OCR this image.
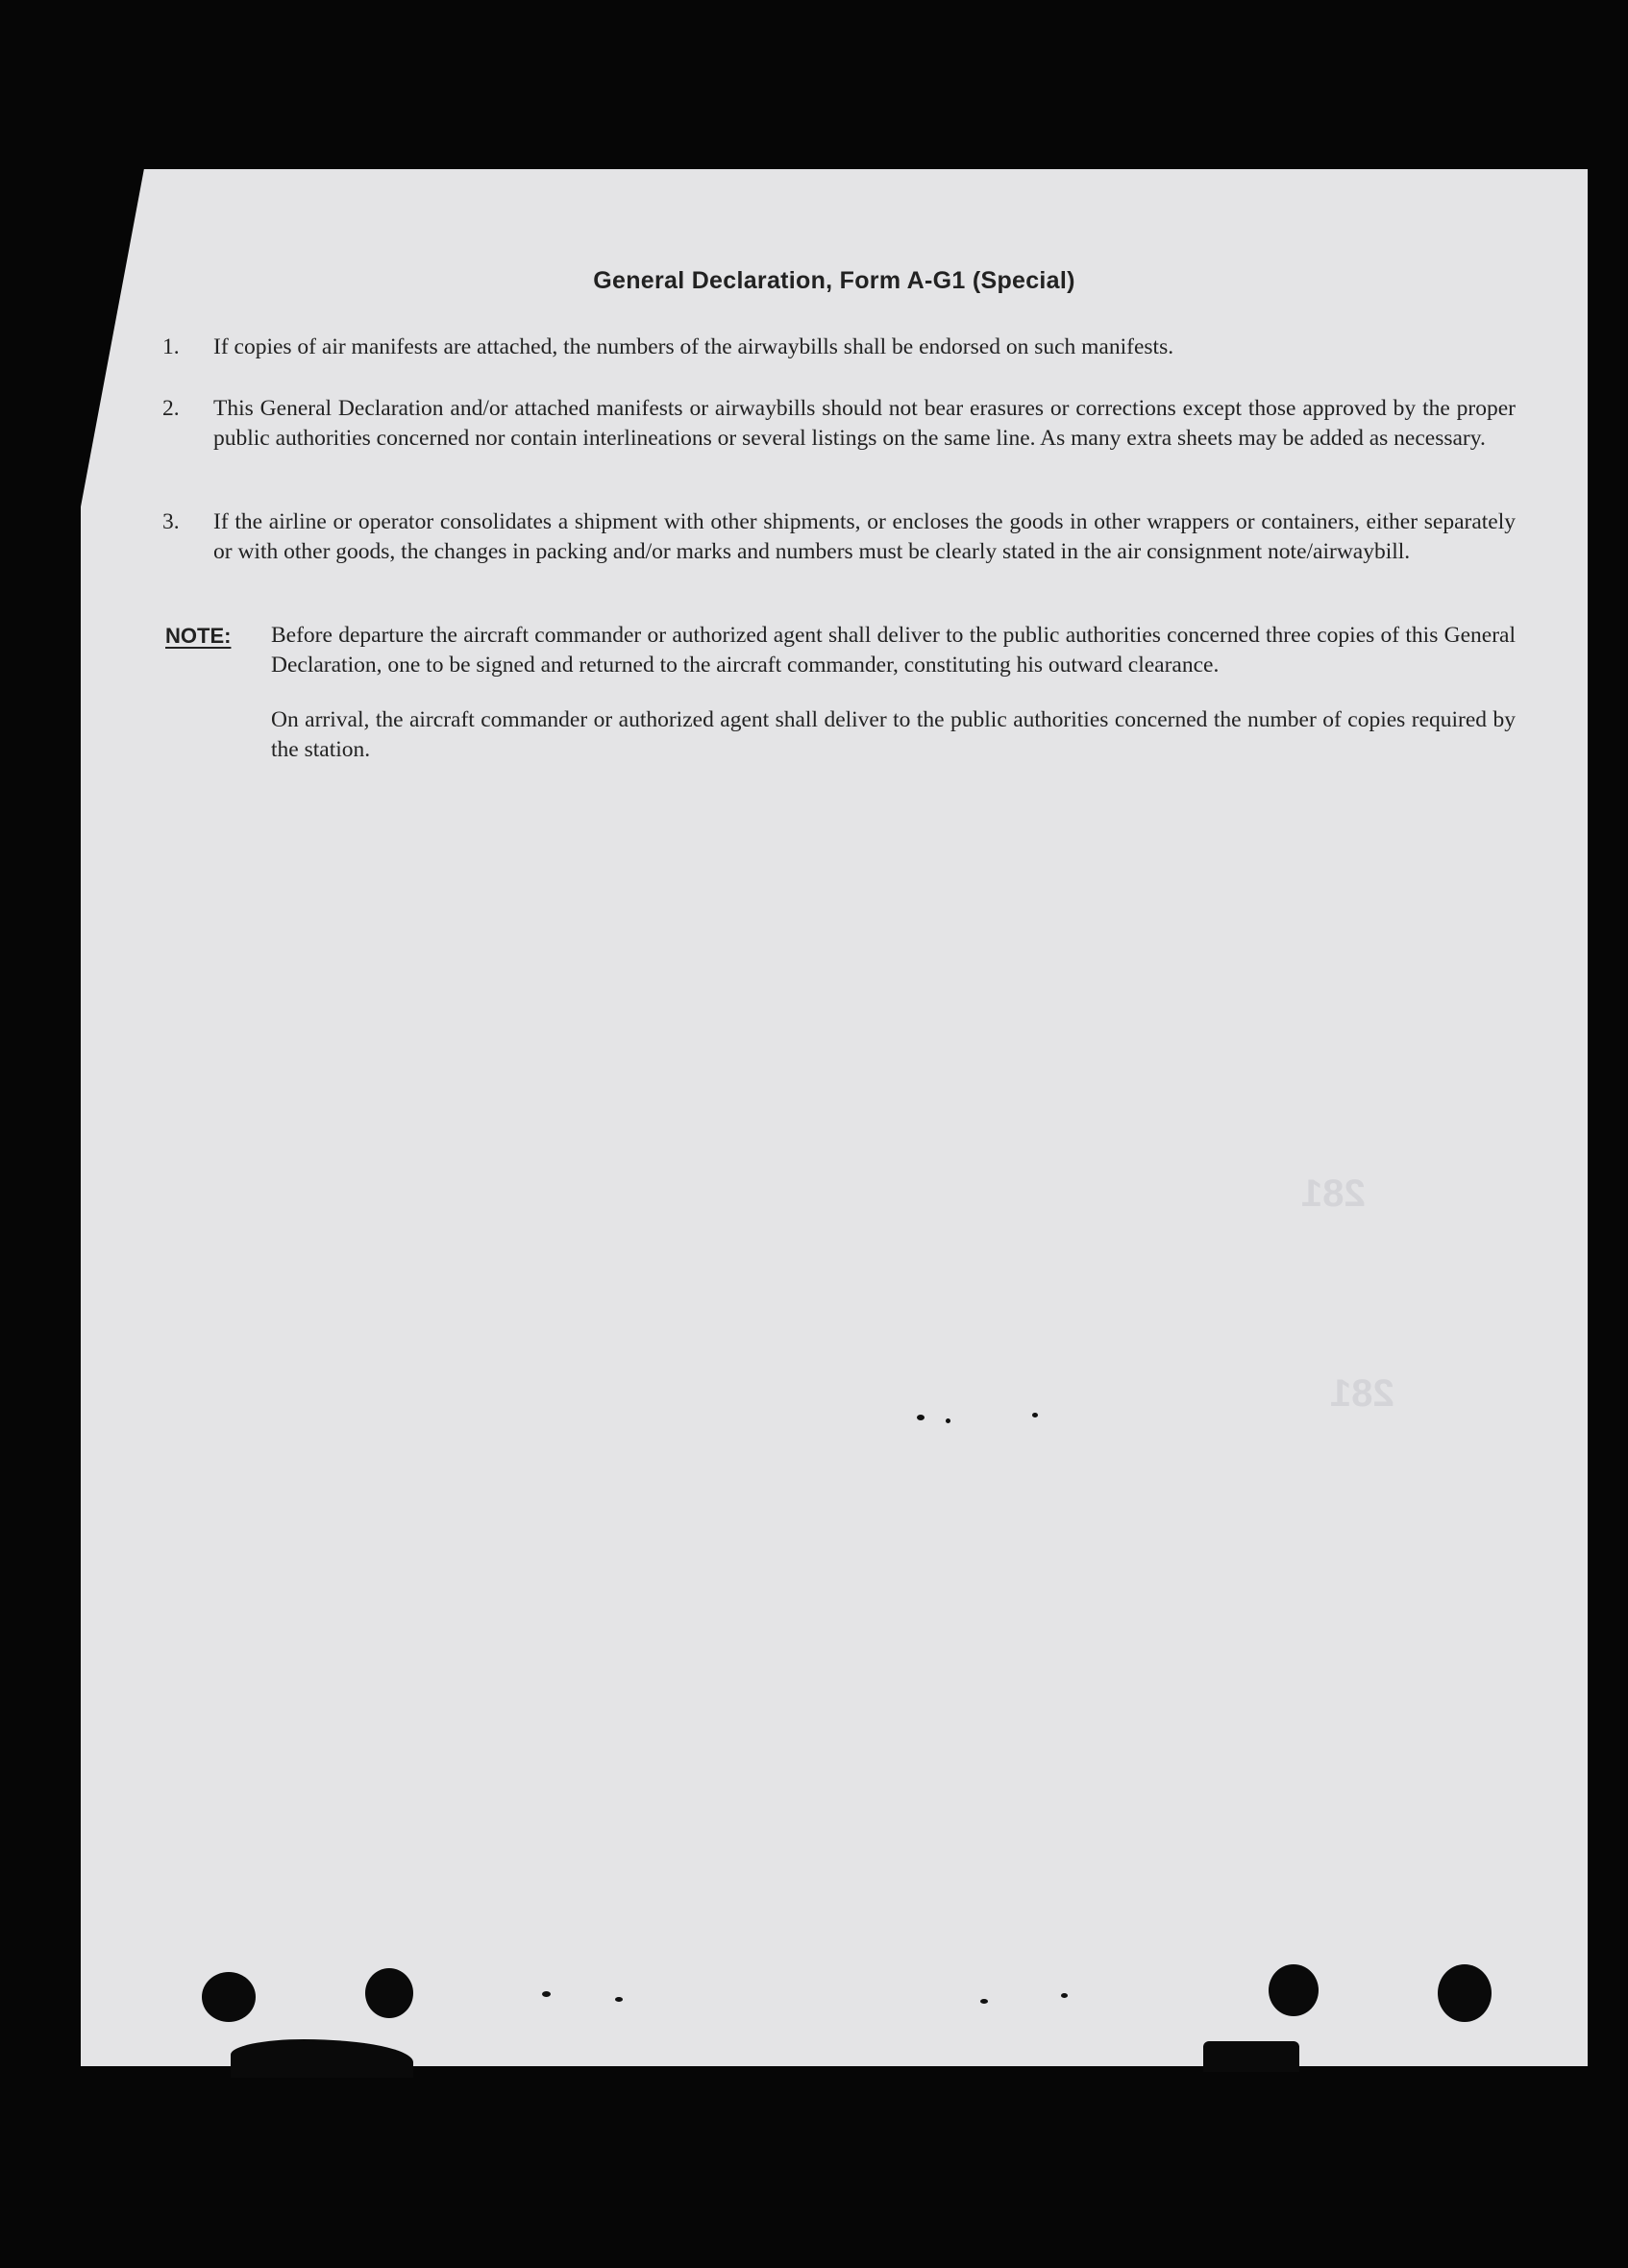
General Declaration, Form A-G1 (Special)
1. If copies of air manifests are attached, the numbers of the airwaybills shall be endorsed on such manifests.
2. This General Declaration and/or attached manifests or airwaybills should not bear erasures or corrections except those approved by the proper public authorities concerned nor contain interlineations or several listings on the same line. As many extra sheets may be added as necessary.
3. If the airline or operator consolidates a shipment with other shipments, or encloses the goods in other wrappers or containers, either separately or with other goods, the changes in packing and/or marks and numbers must be clearly stated in the air consignment note/airwaybill.
NOTE: Before departure the aircraft commander or authorized agent shall deliver to the public authorities concerned three copies of this General Declaration, one to be signed and returned to the aircraft commander, constituting his outward clearance.
On arrival, the aircraft commander or authorized agent shall deliver to the public authorities concerned the number of copies required by the station.
281
281
